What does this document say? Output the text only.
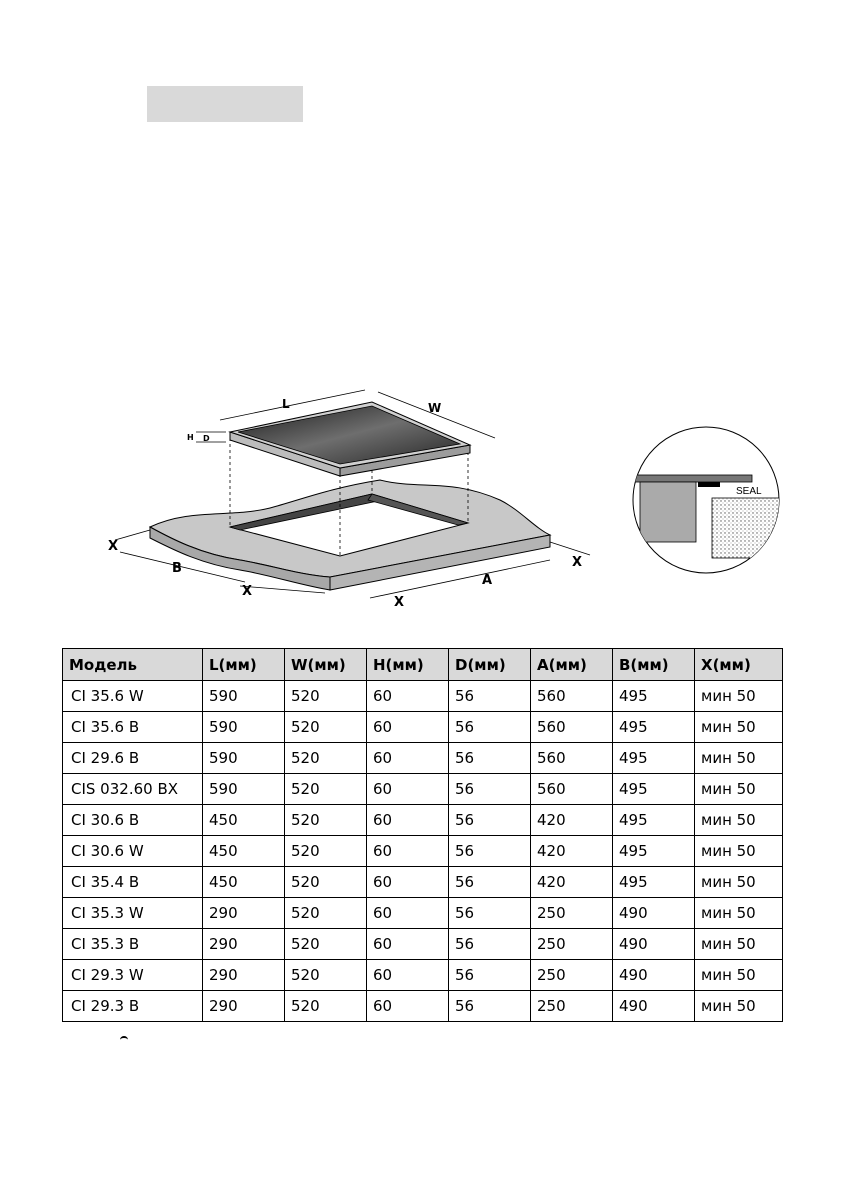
L	W
H D
X
B
X
X
A
X
SEAL
Модель	L(мм)	W(мм)	H(мм)	D(мм)	A(мм)	B(мм)	X(мм)
CI 35.6 W	590	520	60	56	560	495	мин 50
CI 35.6 B	590	520	60	56	560	495	мин 50
CI 29.6 B	590	520	60	56	560	495	мин 50
CIS 032.60 BX	590	520	60	56	560	495	мин 50
CI 30.6 B	450	520	60	56	420	495	мин 50
CI 30.6 W	450	520	60	56	420	495	мин 50
CI 35.4 B	450	520	60	56	420	495	мин 50
CI 35.3 W	290	520	60	56	250	490	мин 50
CI 35.3 B	290	520	60	56	250	490	мин 50
CI 29.3 W	290	520	60	56	250	490	мин 50
CI 29.3 B	290	520	60	56	250	490	мин 50
